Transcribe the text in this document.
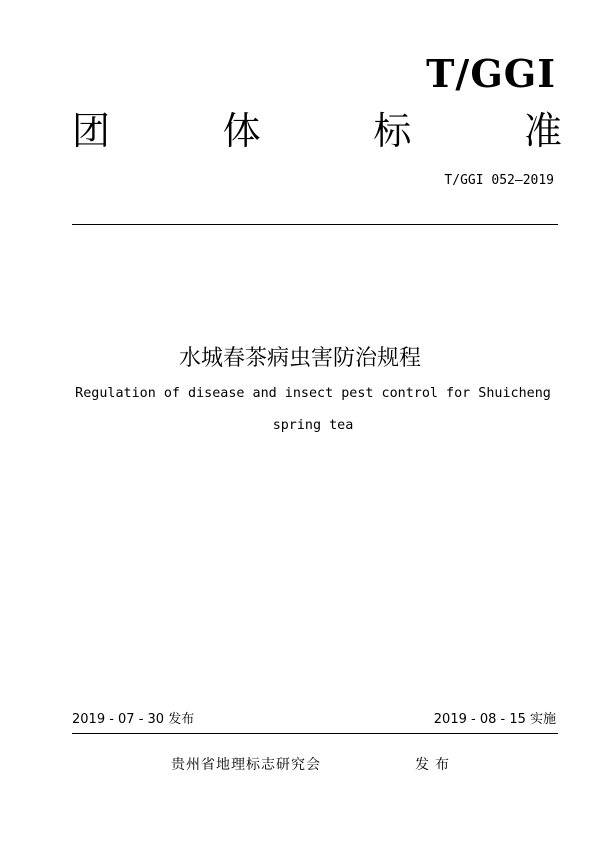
T/GGI
团	体	标	准
T/GGI 052—2019
水城春茶病虫害防治规程
Regulation of disease and insect pest control for Shuicheng
spring tea
2019 - 07 - 30 发布	2019 - 08 - 15 实施
贵州省地理标志研究会	发布
